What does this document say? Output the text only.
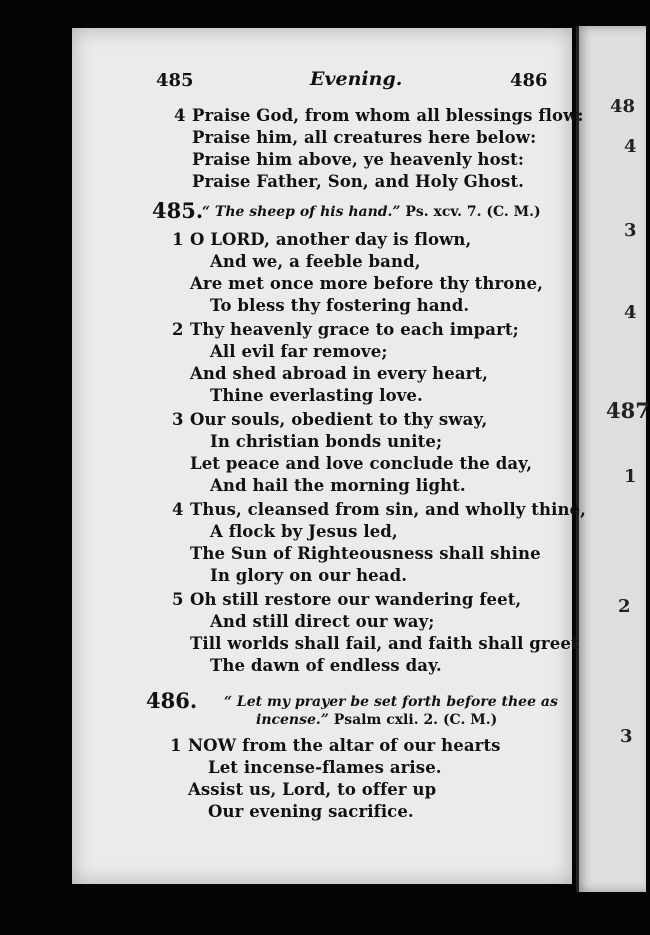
48
4
3
4
487
1
2
3
485	Evening.	486
4 Praise God, from whom all blessings flow:
Praise him, all creatures here below:
Praise him above, ye heavenly host:
Praise Father, Son, and Holy Ghost.
485.
“ The sheep of his hand.” Ps. xcv. 7. (C. M.)
1 O LORD, another day is flown,
And we, a feeble band,
Are met once more before thy throne,
To bless thy fostering hand.
2 Thy heavenly grace to each impart;
All evil far remove;
And shed abroad in every heart,
Thine everlasting love.
3 Our souls, obedient to thy sway,
In christian bonds unite;
Let peace and love conclude the day,
And hail the morning light.
4 Thus, cleansed from sin, and wholly thine,
A flock by Jesus led,
The Sun of Righteousness shall shine
In glory on our head.
5 Oh still restore our wandering feet,
And still direct our way;
Till worlds shall fail, and faith shall greet
The dawn of endless day.
486. “ Let my prayer be set forth before thee as
incense.” Psalm cxli. 2. (C. M.)
1 NOW from the altar of our hearts
Let incense-flames arise.
Assist us, Lord, to offer up
Our evening sacrifice.
